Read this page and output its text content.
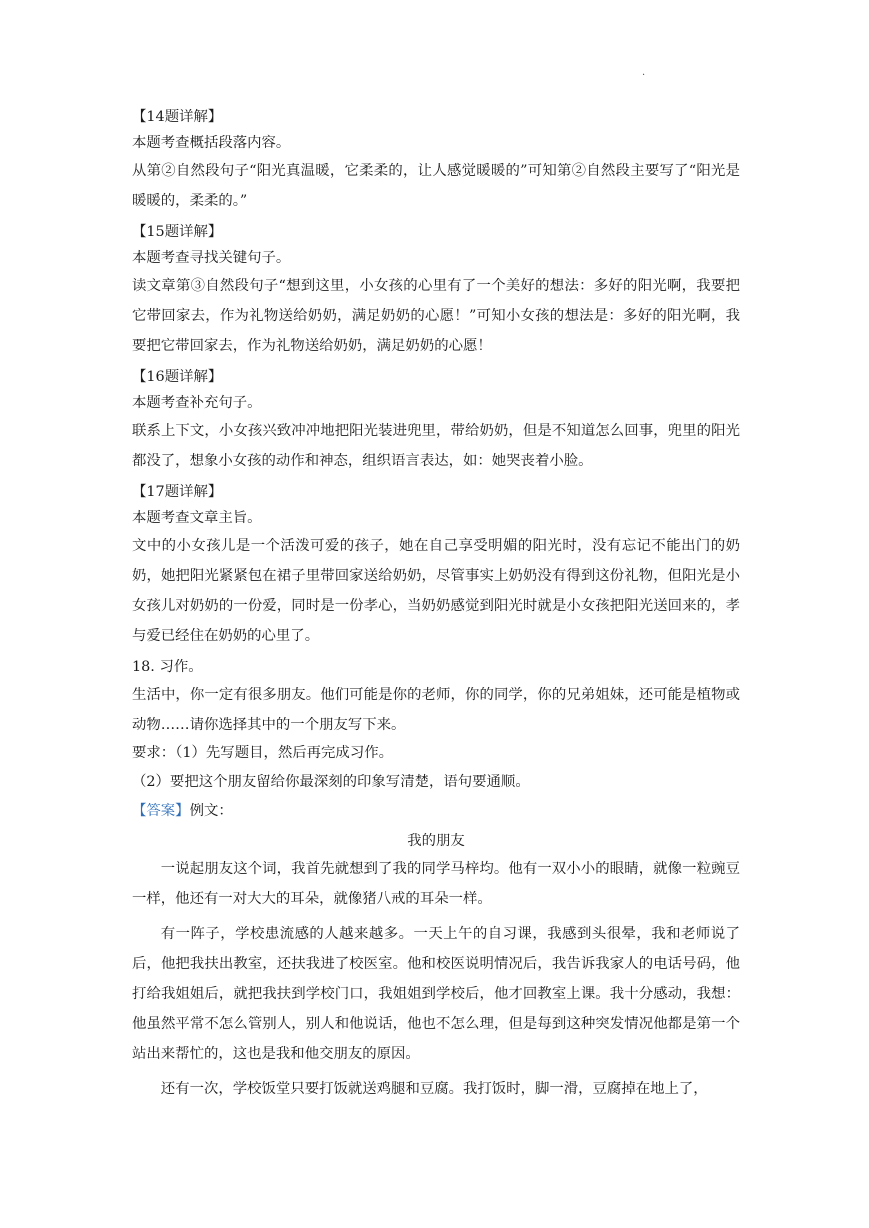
·
【14题详解】
本题考查概括段落内容。

从第②自然段句子“阳光真温暖，它柔柔的，让人感觉暖暖的”可知第②自然段主要写了“阳光是暖暖的，柔柔的。”

【15题详解】
本题考查寻找关键句子。

读文章第③自然段句子“想到这里，小女孩的心里有了一个美好的想法：多好的阳光啊，我要把它带回家去，作为礼物送给奶奶，满足奶奶的心愿！”可知小女孩的想法是：多好的阳光啊，我要把它带回家去，作为礼物送给奶奶，满足奶奶的心愿！

【16题详解】
本题考查补充句子。

联系上下文，小女孩兴致冲冲地把阳光装进兜里，带给奶奶，但是不知道怎么回事，兜里的阳光都没了，想象小女孩的动作和神态，组织语言表达，如：她哭丧着小脸。

【17题详解】
本题考查文章主旨。

文中的小女孩儿是一个活泼可爱的孩子，她在自己享受明媚的阳光时，没有忘记不能出门的奶奶，她把阳光紧紧包在裙子里带回家送给奶奶，尽管事实上奶奶没有得到这份礼物，但阳光是小女孩儿对奶奶的一份爱，同时是一份孝心，当奶奶感觉到阳光时就是小女孩把阳光送回来的，孝与爱已经住在奶奶的心里了。

18. 习作。

生活中，你一定有很多朋友。他们可能是你的老师，你的同学，你的兄弟姐妹，还可能是植物或动物……请你选择其中的一个朋友写下来。

要求：（1）先写题目，然后再完成习作。
（2）要把这个朋友留给你最深刻的印象写清楚，语句要通顺。
【答案】例文：
我的朋友

一说起朋友这个词，我首先就想到了我的同学马梓均。他有一双小小的眼睛，就像一粒豌豆一样，他还有一对大大的耳朵，就像猪八戒的耳朵一样。

有一阵子，学校患流感的人越来越多。一天上午的自习课，我感到头很晕，我和老师说了后，他把我扶出教室，还扶我进了校医室。他和校医说明情况后，我告诉我家人的电话号码，他打给我姐姐后，就把我扶到学校门口，我姐姐到学校后，他才回教室上课。我十分感动，我想：他虽然平常不怎么管别人，别人和他说话，他也不怎么理，但是每到这种突发情况他都是第一个站出来帮忙的，这也是我和他交朋友的原因。

还有一次，学校饭堂只要打饭就送鸡腿和豆腐。我打饭时，脚一滑，豆腐掉在地上了，
